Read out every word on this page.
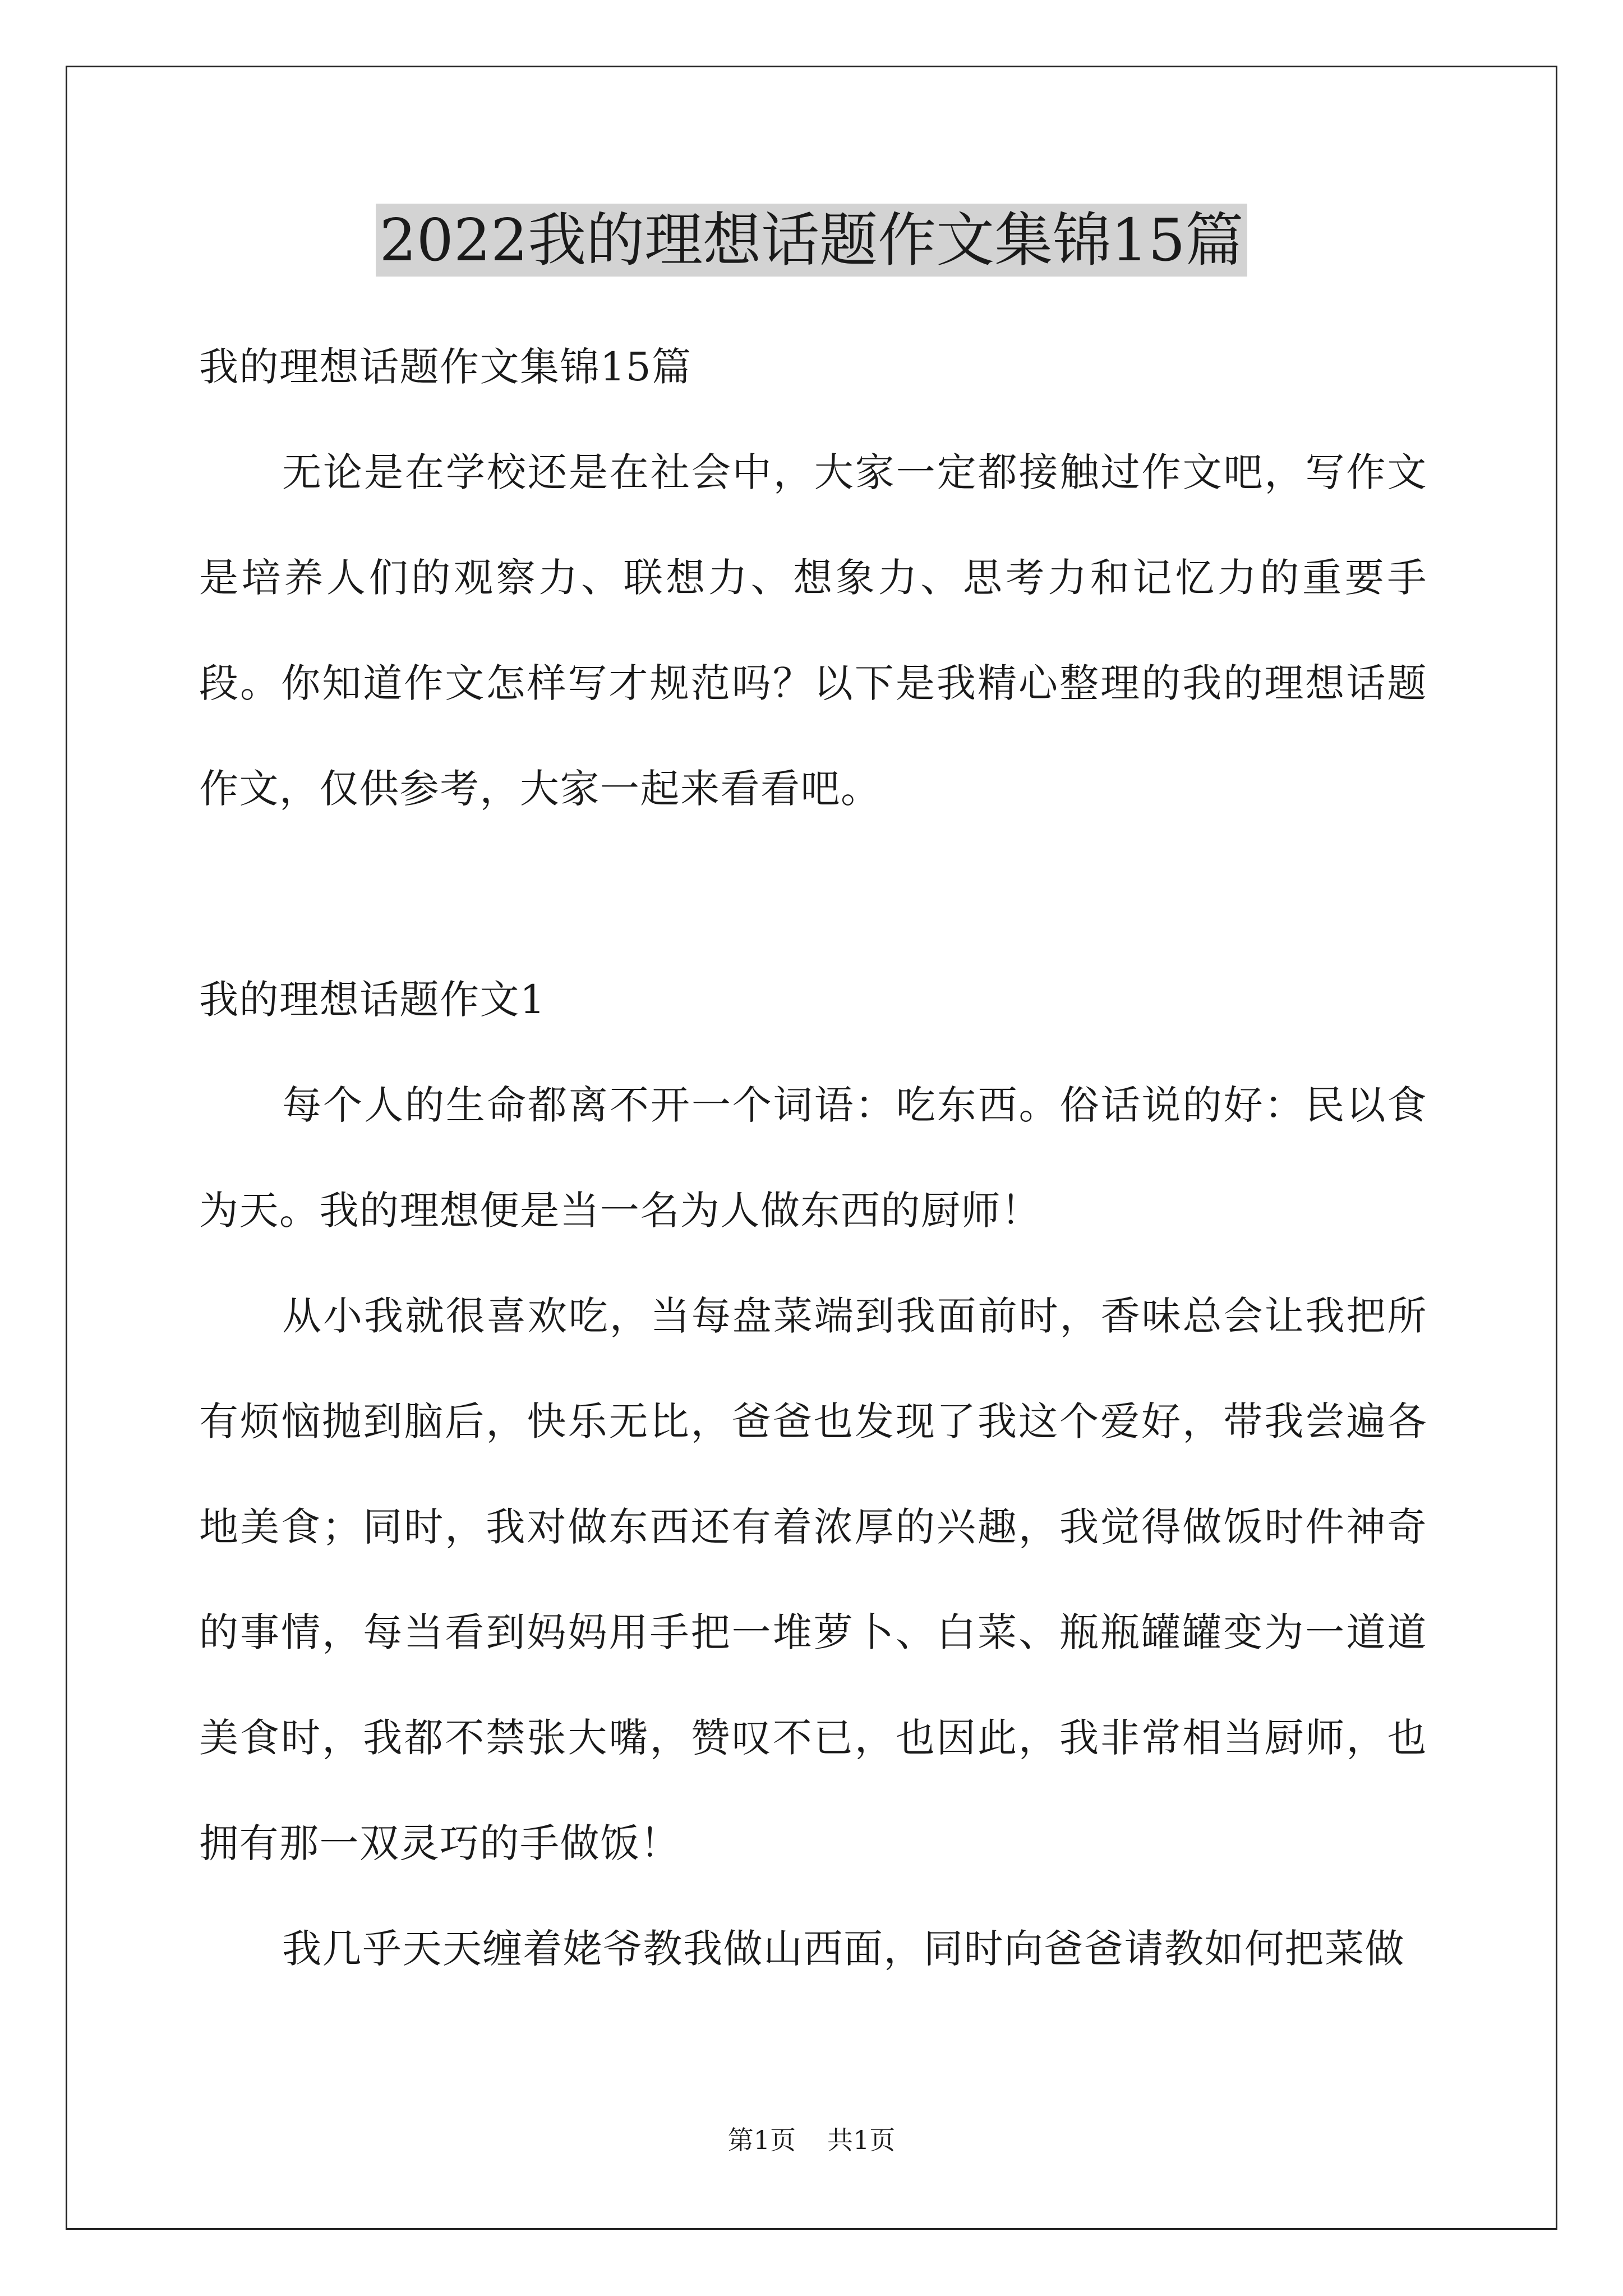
2022我的理想话题作文集锦15篇

我的理想话题作文集锦15篇

无论是在学校还是在社会中，大家一定都接触过作文吧，写作文是培养人们的观察力、联想力、想象力、思考力和记忆力的重要手段。你知道作文怎样写才规范吗？以下是我精心整理的我的理想话题作文，仅供参考，大家一起来看看吧。

我的理想话题作文1

每个人的生命都离不开一个词语：吃东西。俗话说的好：民以食为天。我的理想便是当一名为人做东西的厨师！

从小我就很喜欢吃，当每盘菜端到我面前时，香味总会让我把所有烦恼抛到脑后，快乐无比，爸爸也发现了我这个爱好，带我尝遍各地美食；同时，我对做东西还有着浓厚的兴趣，我觉得做饭时件神奇的事情，每当看到妈妈用手把一堆萝卜、白菜、瓶瓶罐罐变为一道道美食时，我都不禁张大嘴，赞叹不已，也因此，我非常相当厨师，也拥有那一双灵巧的手做饭！

我几乎天天缠着姥爷教我做山西面，同时向爸爸请教如何把菜做

第1页 共1页
